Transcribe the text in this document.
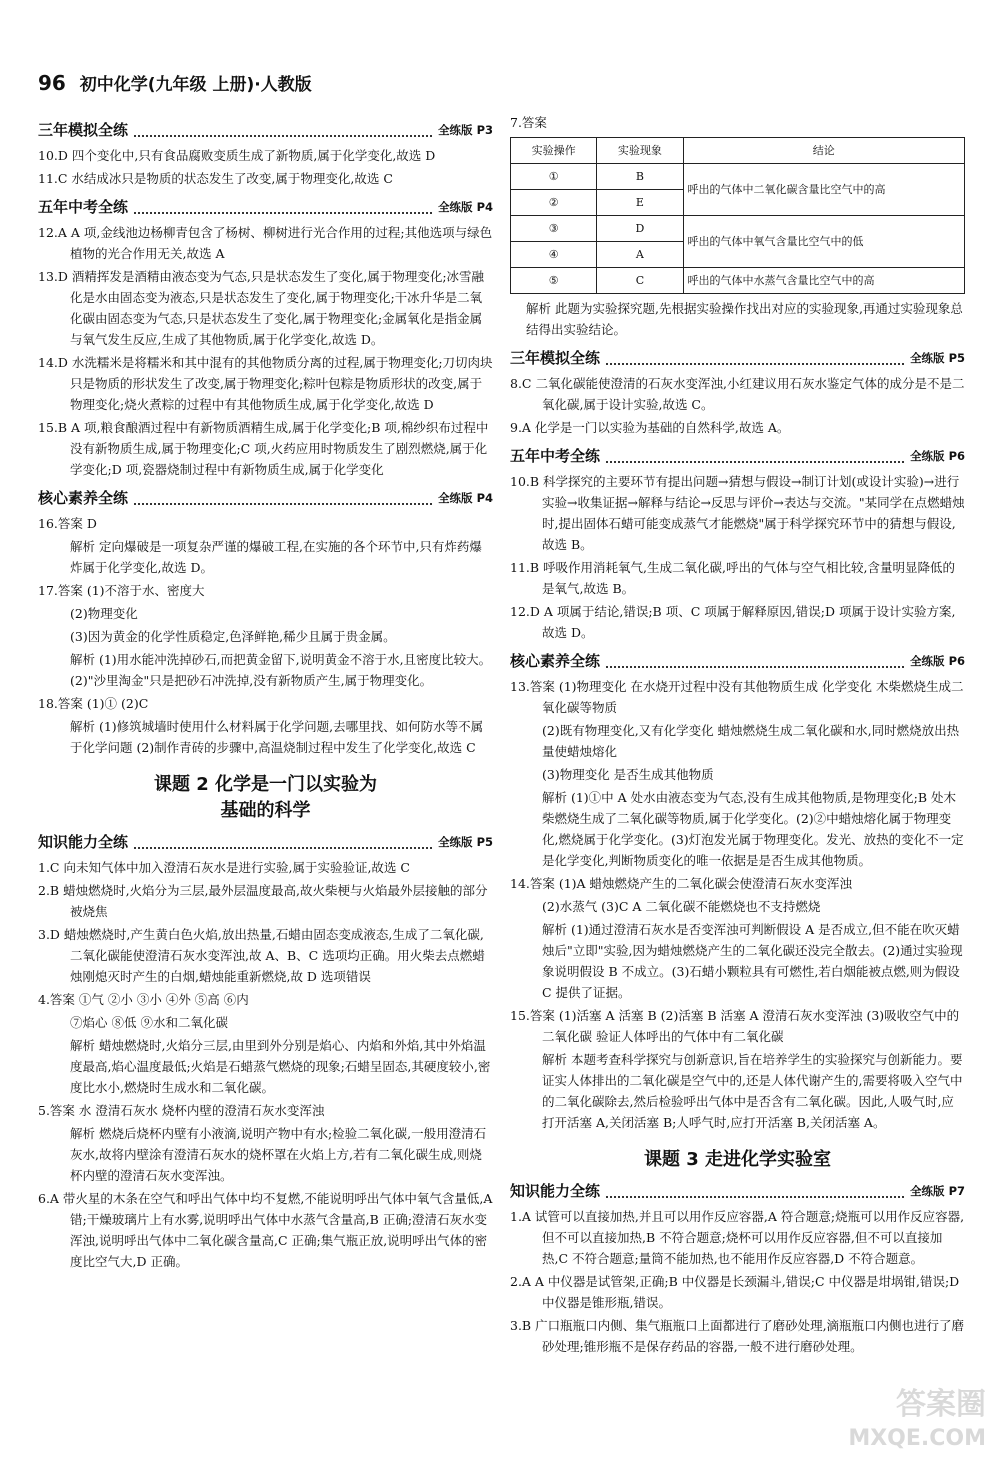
96 初中化学(九年级 上册)·人教版
三年模拟全练	全练版 P3

10.D 四个变化中,只有食品腐败变质生成了新物质,属于化学变化,故选 D

11.C 水结成冰只是物质的状态发生了改变,属于物理变化,故选 C

五年中考全练	全练版 P4

12.A A 项,金线池边杨柳青包含了杨树、柳树进行光合作用的过程;其他选项与绿色植物的光合作用无关,故选 A

13.D 酒精挥发是酒精由液态变为气态,只是状态发生了变化,属于物理变化;冰雪融化是水由固态变为液态,只是状态发生了变化,属于物理变化;干冰升华是二氧化碳由固态变为气态,只是状态发生了变化,属于物理变化;金属氧化是指金属与氧气发生反应,生成了其他物质,属于化学变化,故选 D。

14.D 水洗糯米是将糯米和其中混有的其他物质分离的过程,属于物理变化;刀切肉块只是物质的形状发生了改变,属于物理变化;粽叶包粽是物质形状的改变,属于物理变化;烧火煮粽的过程中有其他物质生成,属于化学变化,故选 D

15.B A 项,粮食酿酒过程中有新物质酒精生成,属于化学变化;B 项,棉纱织布过程中没有新物质生成,属于物理变化;C 项,火药应用时物质发生了剧烈燃烧,属于化学变化;D 项,瓷器烧制过程中有新物质生成,属于化学变化

核心素养全练	全练版 P4

16.答案 D

解析 定向爆破是一项复杂严谨的爆破工程,在实施的各个环节中,只有炸药爆炸属于化学变化,故选 D。

17.答案 (1)不溶于水、密度大

(2)物理变化

(3)因为黄金的化学性质稳定,色泽鲜艳,稀少且属于贵金属。

解析 (1)用水能冲洗掉砂石,而把黄金留下,说明黄金不溶于水,且密度比较大。(2)"沙里淘金"只是把砂石冲洗掉,没有新物质产生,属于物理变化。

18.答案 (1)① (2)C

解析 (1)修筑城墙时使用什么材料属于化学问题,去哪里找、如何防水等不属于化学问题 (2)制作青砖的步骤中,高温烧制过程中发生了化学变化,故选 C

课题 2 化学是一门以实验为
基础的科学
知识能力全练	全练版 P5

1.C 向未知气体中加入澄清石灰水是进行实验,属于实验验证,故选 C

2.B 蜡烛燃烧时,火焰分为三层,最外层温度最高,故火柴梗与火焰最外层接触的部分被烧焦

3.D 蜡烛燃烧时,产生黄白色火焰,放出热量,石蜡由固态变成液态,生成了二氧化碳,二氧化碳能使澄清石灰水变浑浊,故 A、B、C 选项均正确。用火柴去点燃蜡烛刚熄灭时产生的白烟,蜡烛能重新燃烧,故 D 选项错误

4.答案 ①气 ②小 ③小 ④外 ⑤高 ⑥内

⑦焰心 ⑧低 ⑨水和二氧化碳

解析 蜡烛燃烧时,火焰分三层,由里到外分别是焰心、内焰和外焰,其中外焰温度最高,焰心温度最低;火焰是石蜡蒸气燃烧的现象;石蜡呈固态,其硬度较小,密度比水小,燃烧时生成水和二氧化碳。

5.答案 水 澄清石灰水 烧杯内壁的澄清石灰水变浑浊

解析 燃烧后烧杯内壁有小液滴,说明产物中有水;检验二氧化碳,一般用澄清石灰水,故将内壁涂有澄清石灰水的烧杯罩在火焰上方,若有二氧化碳生成,则烧杯内壁的澄清石灰水变浑浊。

6.A 带火星的木条在空气和呼出气体中均不复燃,不能说明呼出气体中氧气含量低,A 错;干燥玻璃片上有水雾,说明呼出气体中水蒸气含量高,B 正确;澄清石灰水变浑浊,说明呼出气体中二氧化碳含量高,C 正确;集气瓶正放,说明呼出气体的密度比空气大,D 正确。

7.答案

实验操作	实验现象	结论
①	B	呼出的气体中二氧化碳含量比空气中的高
②	E	
③	D	呼出的气体中氧气含量比空气中的低
④	A	
⑤	C	呼出的气体中水蒸气含量比空气中的高

解析 此题为实验探究题,先根据实验操作找出对应的实验现象,再通过实验现象总结得出实验结论。

三年模拟全练	全练版 P5

8.C 二氧化碳能使澄清的石灰水变浑浊,小红建议用石灰水鉴定气体的成分是不是二氧化碳,属于设计实验,故选 C。

9.A 化学是一门以实验为基础的自然科学,故选 A。

五年中考全练	全练版 P6

10.B 科学探究的主要环节有提出问题→猜想与假设→制订计划(或设计实验)→进行实验→收集证据→解释与结论→反思与评价→表达与交流。"某同学在点燃蜡烛时,提出固体石蜡可能变成蒸气才能燃烧"属于科学探究环节中的猜想与假设,故选 B。

11.B 呼吸作用消耗氧气,生成二氧化碳,呼出的气体与空气相比较,含量明显降低的是氧气,故选 B。

12.D A 项属于结论,错误;B 项、C 项属于解释原因,错误;D 项属于设计实验方案,故选 D。

核心素养全练	全练版 P6

13.答案 (1)物理变化 在水烧开过程中没有其他物质生成 化学变化 木柴燃烧生成二氧化碳等物质

(2)既有物理变化,又有化学变化 蜡烛燃烧生成二氧化碳和水,同时燃烧放出热量使蜡烛熔化

(3)物理变化 是否生成其他物质

解析 (1)①中 A 处水由液态变为气态,没有生成其他物质,是物理变化;B 处木柴燃烧生成了二氧化碳等物质,属于化学变化。(2)②中蜡烛熔化属于物理变化,燃烧属于化学变化。(3)灯泡发光属于物理变化。发光、放热的变化不一定是化学变化,判断物质变化的唯一依据是是否生成其他物质。

14.答案 (1)A 蜡烛燃烧产生的二氧化碳会使澄清石灰水变浑浊

(2)水蒸气 (3)C A 二氧化碳不能燃烧也不支持燃烧

解析 (1)通过澄清石灰水是否变浑浊可判断假设 A 是否成立,但不能在吹灭蜡烛后"立即"实验,因为蜡烛燃烧产生的二氧化碳还没完全散去。(2)通过实验现象说明假设 B 不成立。(3)石蜡小颗粒具有可燃性,若白烟能被点燃,则为假设 C 提供了证据。

15.答案 (1)活塞 A 活塞 B (2)活塞 B 活塞 A 澄清石灰水变浑浊 (3)吸收空气中的二氧化碳 验证人体呼出的气体中有二氧化碳

解析 本题考查科学探究与创新意识,旨在培养学生的实验探究与创新能力。要证实人体排出的二氧化碳是空气中的,还是人体代谢产生的,需要将吸入空气中的二氧化碳除去,然后检验呼出气体中是否含有二氧化碳。因此,人吸气时,应打开活塞 A,关闭活塞 B;人呼气时,应打开活塞 B,关闭活塞 A。

课题 3 走进化学实验室
知识能力全练	全练版 P7

1.A 试管可以直接加热,并且可以用作反应容器,A 符合题意;烧瓶可以用作反应容器,但不可以直接加热,B 不符合题意;烧杯可以用作反应容器,但不可以直接加热,C 不符合题意;量筒不能加热,也不能用作反应容器,D 不符合题意。

2.A A 中仪器是试管架,正确;B 中仪器是长颈漏斗,错误;C 中仪器是坩埚钳,错误;D 中仪器是锥形瓶,错误。

3.B 广口瓶瓶口内侧、集气瓶瓶口上面都进行了磨砂处理,滴瓶瓶口内侧也进行了磨砂处理;锥形瓶不是保存药品的容器,一般不进行磨砂处理。

答案圈
MXQE.COM
